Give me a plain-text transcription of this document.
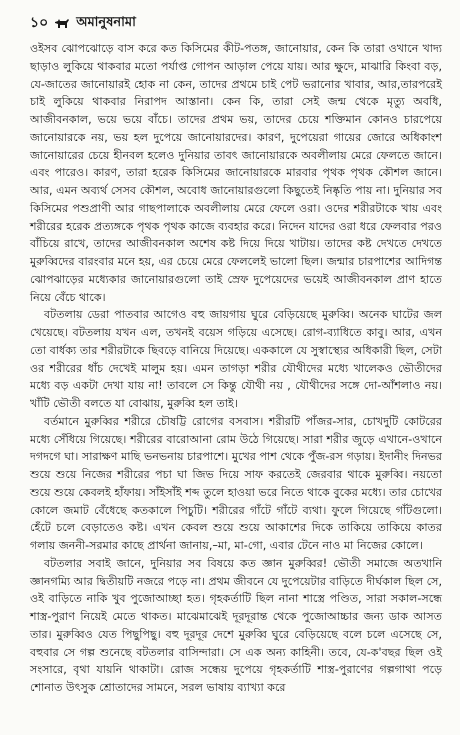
১০ অমানুষনামা

ওইসব ঝোপঝোড়ে বাস করে কত কিসিমের কীট-পতঙ্গ, জানোয়ার, কেন কি তারা ওখানে খাদ্য ছাড়াও লুকিয়ে থাকবার মতো পর্যাপ্ত গোপন আড়াল পেয়ে যায়। আর ক্ষুদে, মাঝারি কিংবা বড়, যে-জাতের জানোয়ারই হোক না কেন, তাদের প্রথমে চাই পেট ভরানোর খাবার, আর,তারপরেই চাই লুকিয়ে থাকবার নিরাপদ আস্তানা। কেন কি, তারা সেই জন্ম থেকে মৃত্যু অবধি, আজীবনকাল, ভয়ে ভয়ে বাঁচে। তাদের প্রথম ভয়, তাদের চেয়ে শক্তিমান কোনও চারপেয়ে জানোয়ারকে নয়, ভয় হল দুপেয়ে জানোয়ারদের। কারণ, দুপেয়েরা গায়ের জোরে অধিকাংশ জানোয়ারের চেয়ে হীনবল হলেও দুনিয়ার তাবৎ জানোয়ারকে অবলীলায় মেরে ফেলতে জানে। এবং পারেও। কারণ, তারা হরেক কিসিমের জানোয়ারকে মারবার পৃথক পৃথক কৌশল জানে। আর, এমন অব্যর্থ সেসব কৌশল, অবোধ জানোয়ারগুলো কিছুতেই নিষ্কৃতি পায় না। দুনিয়ার সব কিসিমের পশুপ্রাণী আর গাছপালাকে অবলীলায় মেরে ফেলে ওরা। ওদের শরীরটাকে খায় এবং শরীরের হরেক প্রত্যঙ্গকে পৃথক পৃথক কাজে ব্যবহার করে। নিদেন যাদের ওরা ধরে ফেলবার পরও বাঁচিয়ে রাখে, তাদের আজীবনকাল অশেষ কষ্ট দিয়ে দিয়ে খাটায়। তাদের কষ্ট দেখতে দেখতে মুরুব্বিদের বারংবার মনে হয়, এর চেয়ে মেরে ফেললেই ভালো ছিল। জন্মার চারপাশের আদিগন্ত ঝোপঝাড়ের মধ্যেকার জানোয়ারগুলো তাই স্রেফ দুপেয়েদের ভয়েই আজীবনকাল প্রাণ হাতে নিয়ে বেঁচে থাকে।

বটতলায় ডেরা পাতবার আগেও বহু জায়গায় ঘুরে বেড়িয়েছে মুরুব্বি। অনেক ঘাটের জল খেয়েছে। বটতলায় যখন এল, তখনই বয়েস গড়িয়ে এসেছে। রোগ-ব্যাধিতে কাবু। আর, এখন তো বার্ধক্য তার শরীরটাকে ছিবড়ে বানিয়ে দিয়েছে। এককালে যে সুস্বাস্থ্যের অধিকারী ছিল, সেটা ওর শরীরের ধাঁচ দেখেই মালুম হয়। এমন তাগড়া শরীর যৌথীদের মধ্যে খালেকও ভৌতীদের মধ্যে বড় একটা দেখা যায় না! তাবলে সে কিন্তু যৌথী নয় , যৌথীদের সঙ্গে দো-আঁশলাও নয়। খাঁটি ভৌতী বলতে যা বোঝায়, মুরুব্বি হল তাই।

বর্তমানে মুরুব্বির শরীরে চৌষট্টি রোগের বসবাস। শরীরটি পাঁজর-সার, চোখদুটি কোটরের মধ্যে সেঁধিয়ে গিয়েছে। শরীরের বারোআনা রোম উঠে গিয়েছে। সারা শরীর জুড়ে এখানে-ওখানে দগদগে ঘা। সারাক্ষণ মাছি ভনভনায় চারপাশে। মুখের পাশ থেকে পুঁজ-রস গড়ায়। ইদানীং দিনভর শুয়ে শুয়ে নিজের শরীরের পচা ঘা জিভ দিয়ে সাফ করতেই জেরবার থাকে মুরুব্বি। নয়তো শুয়ে শুয়ে কেবলই হাঁফায়। সাঁইসাঁই শব্দ তুলে হাওয়া ভরে নিতে থাকে বুকের মধ্যে। তার চোখের কোলে জমাট বেঁধেছে কতকালে পিচুটি। শরীরের গাঁটে গাঁটে ব্যথা। ফুলে গিয়েছে গাঁটগুলো। হেঁটে চলে বেড়াতেও কষ্ট। এখন কেবল শুয়ে শুয়ে আকাশের দিকে তাকিয়ে তাকিয়ে কাতর গলায় জননী-সরমার কাছে প্রার্থনা জানায়,–মা, মা-গো, এবার টেনে নাও মা নিজের কোলে।

বটতলার সবাই জানে, দুনিয়ার সব বিষয়ে কত জ্ঞান মুরুব্বির! ভৌতী সমাজে অতখানি জ্ঞানগম্যি আর দ্বিতীয়টি নজরে পড়ে না। প্রথম জীবনে যে দুপেয়েটার বাড়িতে দীর্ঘকাল ছিল সে, ওই বাড়িতে নাকি খুব পুজোআচ্ছা হত। গৃহকর্তাটি ছিল নানা শাস্ত্রে পণ্ডিত, সারা সকাল-সন্ধে শাস্ত্র-পুরাণ নিয়েই মেতে থাকত। মাঝেমাঝেই দূরদূরান্ত থেকে পুজোআচ্চার জন্য ডাক আসত তার। মুরুব্বিও যেত পিছুপিছু। বহু দূরদূর দেশে মুরুব্বি ঘুরে বেড়িয়েছে বলে চলে এসেছে সে, বহুবার সে গল্প শুনেছে বটতলার বাসিন্দারা। সে এক অন্য কাহিনী। তবে, যে-ক'বছর ছিল ওই সংসারে, বৃথা যায়নি থাকাটা। রোজ সন্ধেয় দুপেয়ে গৃহকর্তাটি শাস্ত্র-পুরাণের গল্পগাথা পড়ে শোনাত উৎসুক শ্রোতাদের সামনে, সরল ভাষায় ব্যাখ্যা করে
